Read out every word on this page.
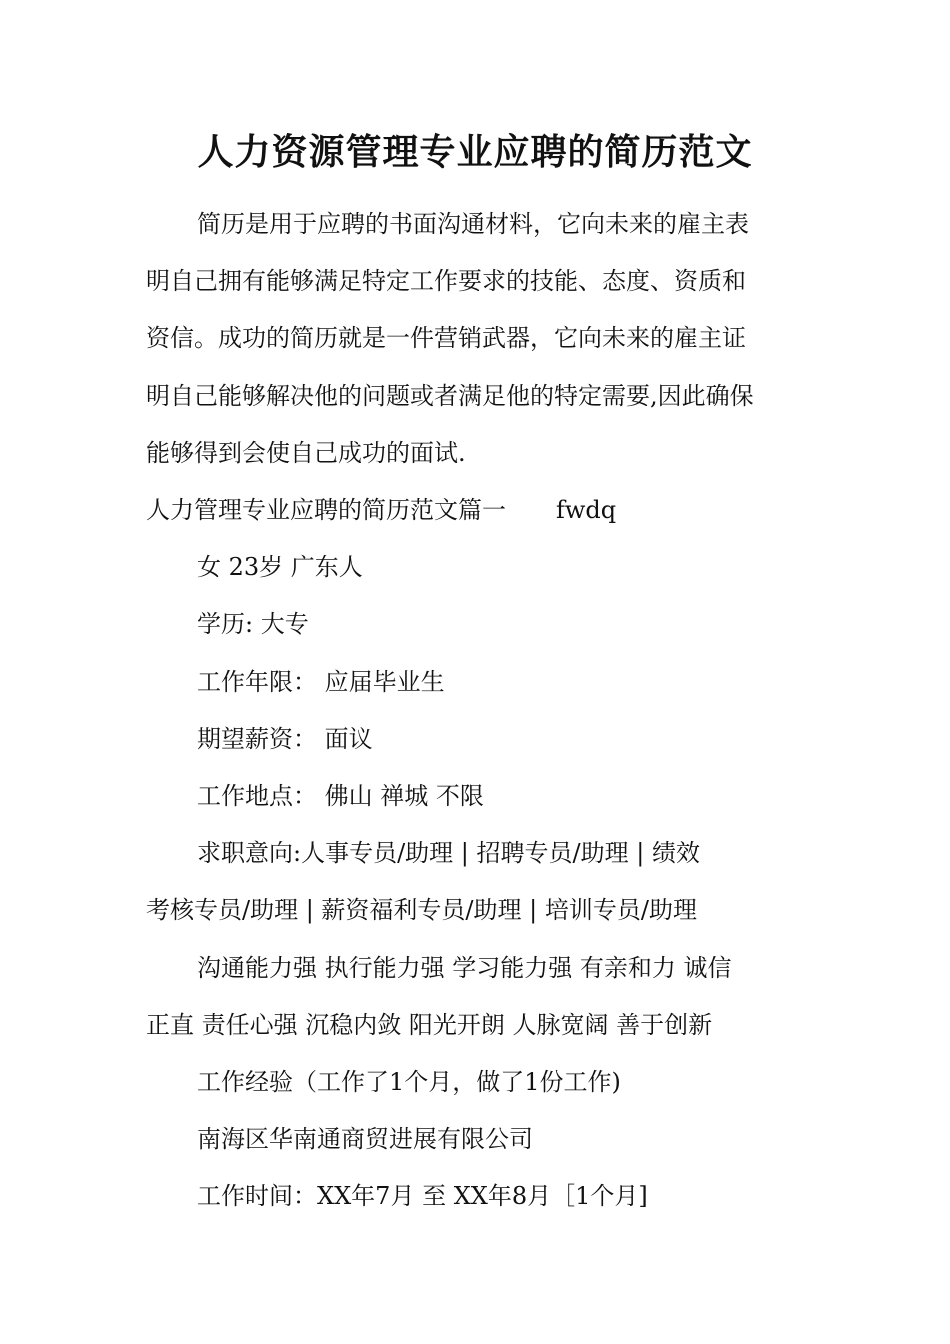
人力资源管理专业应聘的简历范文

简历是用于应聘的书面沟通材料，它向未来的雇主表

明自己拥有能够满足特定工作要求的技能、态度、资质和

资信。成功的简历就是一件营销武器，它向未来的雇主证

明自己能够解决他的问题或者满足他的特定需要,因此确保

能够得到会使自己成功的面试.

人力管理专业应聘的简历范文篇一 fwdq

女 23岁 广东人

学历: 大专

工作年限： 应届毕业生

期望薪资： 面议

工作地点： 佛山 禅城 不限

求职意向:人事专员/助理 | 招聘专员/助理 | 绩效

考核专员/助理 | 薪资福利专员/助理 | 培训专员/助理

沟通能力强 执行能力强 学习能力强 有亲和力 诚信

正直 责任心强 沉稳内敛 阳光开朗 人脉宽阔 善于创新

工作经验（工作了1个月，做了1份工作)

南海区华南通商贸进展有限公司

工作时间：XX年7月 至 XX年8月［1个月]
